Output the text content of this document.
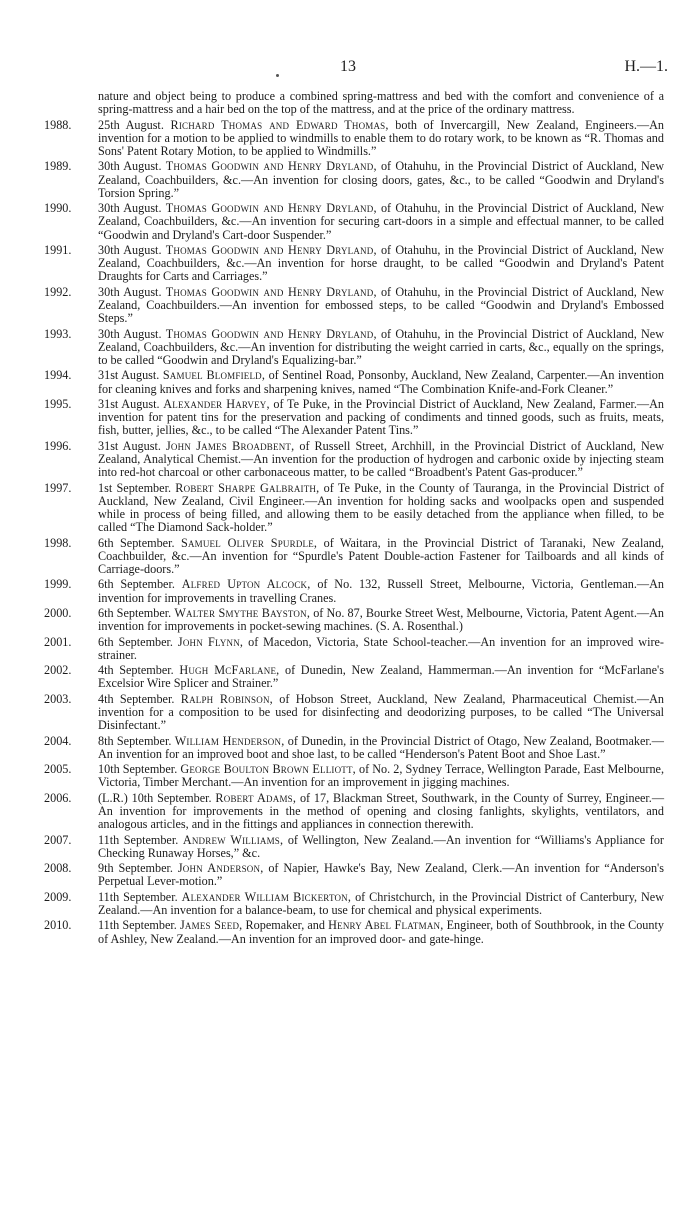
13	H.—1.
nature and object being to produce a combined spring-mattress and bed with the comfort and convenience of a spring-mattress and a hair bed on the top of the mattress, and at the price of the ordinary mattress.
1988. 25th August. Richard Thomas and Edward Thomas, both of Invercargill, New Zealand, Engineers.—An invention for a motion to be applied to windmills to enable them to do rotary work, to be known as “R. Thomas and Sons' Patent Rotary Motion, to be applied to Windmills.”
1989. 30th August. Thomas Goodwin and Henry Dryland, of Otahuhu, in the Provincial District of Auckland, New Zealand, Coachbuilders, &c.—An invention for closing doors, gates, &c., to be called “Goodwin and Dryland's Torsion Spring.”
1990. 30th August. Thomas Goodwin and Henry Dryland, of Otahuhu, in the Provincial District of Auckland, New Zealand, Coachbuilders, &c.—An invention for securing cart-doors in a simple and effectual manner, to be called “Goodwin and Dryland's Cart-door Suspender.”
1991. 30th August. Thomas Goodwin and Henry Dryland, of Otahuhu, in the Provincial District of Auckland, New Zealand, Coachbuilders, &c.—An invention for horse draught, to be called “Goodwin and Dryland's Patent Draughts for Carts and Carriages.”
1992. 30th August. Thomas Goodwin and Henry Dryland, of Otahuhu, in the Provincial District of Auckland, New Zealand, Coachbuilders.—An invention for embossed steps, to be called “Goodwin and Dryland's Embossed Steps.”
1993. 30th August. Thomas Goodwin and Henry Dryland, of Otahuhu, in the Provincial District of Auckland, New Zealand, Coachbuilders, &c.—An invention for distributing the weight carried in carts, &c., equally on the springs, to be called “Goodwin and Dryland's Equalizing-bar.”
1994. 31st August. Samuel Blomfield, of Sentinel Road, Ponsonby, Auckland, New Zealand, Carpenter.—An invention for cleaning knives and forks and sharpening knives, named “The Combination Knife-and-Fork Cleaner.”
1995. 31st August. Alexander Harvey, of Te Puke, in the Provincial District of Auckland, New Zealand, Farmer.—An invention for patent tins for the preservation and packing of condiments and tinned goods, such as fruits, meats, fish, butter, jellies, &c., to be called “The Alexander Patent Tins.”
1996. 31st August. John James Broadbent, of Russell Street, Archhill, in the Provincial District of Auckland, New Zealand, Analytical Chemist.—An invention for the production of hydrogen and carbonic oxide by injecting steam into red-hot charcoal or other carbonaceous matter, to be called “Broadbent's Patent Gas-producer.”
1997. 1st September. Robert Sharpe Galbraith, of Te Puke, in the County of Tauranga, in the Provincial District of Auckland, New Zealand, Civil Engineer.—An invention for holding sacks and woolpacks open and suspended while in process of being filled, and allowing them to be easily detached from the appliance when filled, to be called “The Diamond Sack-holder.”
1998. 6th September. Samuel Oliver Spurdle, of Waitara, in the Provincial District of Taranaki, New Zealand, Coachbuilder, &c.—An invention for “Spurdle's Patent Double-action Fastener for Tailboards and all kinds of Carriage-doors.”
1999. 6th September. Alfred Upton Alcock, of No. 132, Russell Street, Melbourne, Victoria, Gentleman.—An invention for improvements in travelling Cranes.
2000. 6th September. Walter Smythe Bayston, of No. 87, Bourke Street West, Melbourne, Victoria, Patent Agent.—An invention for improvements in pocket-sewing machines. (S. A. Rosenthal.)
2001. 6th September. John Flynn, of Macedon, Victoria, State School-teacher.—An invention for an improved wire-strainer.
2002. 4th September. Hugh McFarlane, of Dunedin, New Zealand, Hammerman.—An invention for “McFarlane's Excelsior Wire Splicer and Strainer.”
2003. 4th September. Ralph Robinson, of Hobson Street, Auckland, New Zealand, Pharmaceutical Chemist.—An invention for a composition to be used for disinfecting and deodorizing purposes, to be called “The Universal Disinfectant.”
2004. 8th September. William Henderson, of Dunedin, in the Provincial District of Otago, New Zealand, Bootmaker.—An invention for an improved boot and shoe last, to be called “Henderson's Patent Boot and Shoe Last.”
2005. 10th September. George Boulton Brown Elliott, of No. 2, Sydney Terrace, Wellington Parade, East Melbourne, Victoria, Timber Merchant.—An invention for an improvement in jigging machines.
2006. (L.R.) 10th September. Robert Adams, of 17, Blackman Street, Southwark, in the County of Surrey, Engineer.—An invention for improvements in the method of opening and closing fanlights, skylights, ventilators, and analogous articles, and in the fittings and appliances in connection therewith.
2007. 11th September. Andrew Williams, of Wellington, New Zealand.—An invention for “Williams's Appliance for Checking Runaway Horses,” &c.
2008. 9th September. John Anderson, of Napier, Hawke's Bay, New Zealand, Clerk.—An invention for “Anderson's Perpetual Lever-motion.”
2009. 11th September. Alexander William Bickerton, of Christchurch, in the Provincial District of Canterbury, New Zealand.—An invention for a balance-beam, to use for chemical and physical experiments.
2010. 11th September. James Seed, Ropemaker, and Henry Abel Flatman, Engineer, both of Southbrook, in the County of Ashley, New Zealand.—An invention for an improved door- and gate-hinge.
